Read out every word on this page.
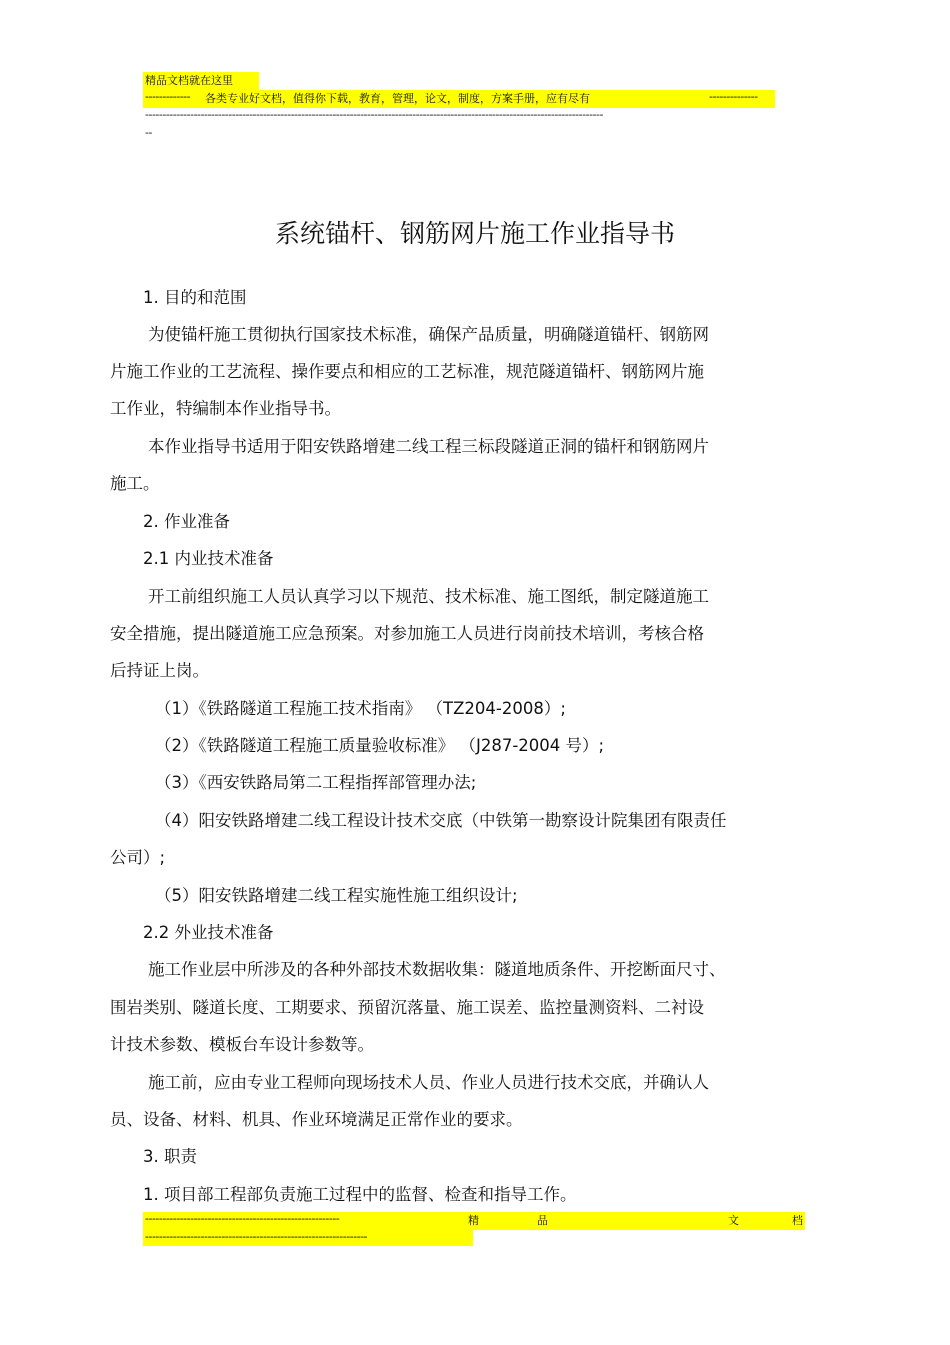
精品文档就在这里
-------------	各类专业好文档，值得你下载，教育，管理，论文，制度，方案手册，应有尽有	--------------
------------------------------------------------------------------------------------------------------------------------------------
--
系统锚杆、钢筋网片施工作业指导书
1. 目的和范围
为使锚杆施工贯彻执行国家技术标准，确保产品质量，明确隧道锚杆、钢筋网
片施工作业的工艺流程、操作要点和相应的工艺标准，规范隧道锚杆、钢筋网片施
工作业，特编制本作业指导书。
本作业指导书适用于阳安铁路增建二线工程三标段隧道正洞的锚杆和钢筋网片
施工。
2. 作业准备
2.1 内业技术准备
开工前组织施工人员认真学习以下规范、技术标准、施工图纸，制定隧道施工
安全措施，提出隧道施工应急预案。对参加施工人员进行岗前技术培训，考核合格
后持证上岗。
（1）《铁路隧道工程施工技术指南》 （TZ204-2008）;
（2）《铁路隧道工程施工质量验收标准》 （J287-2004 号）;
（3）《西安铁路局第二工程指挥部管理办法;
（4）阳安铁路增建二线工程设计技术交底（中铁第一勘察设计院集团有限责任
公司）;
（5）阳安铁路增建二线工程实施性施工组织设计;
2.2 外业技术准备
施工作业层中所涉及的各种外部技术数据收集：隧道地质条件、开挖断面尺寸、
围岩类别、隧道长度、工期要求、预留沉落量、施工误差、监控量测资料、二衬设
计技术参数、模板台车设计参数等。
施工前，应由专业工程师向现场技术人员、作业人员进行技术交底，并确认人
员、设备、材料、机具、作业环境满足正常作业的要求。
3. 职责
1. 项目部工程部负责施工过程中的监督、检查和指导工作。
--------------------------------------------------------	精	品	文	档
----------------------------------------------------------------
